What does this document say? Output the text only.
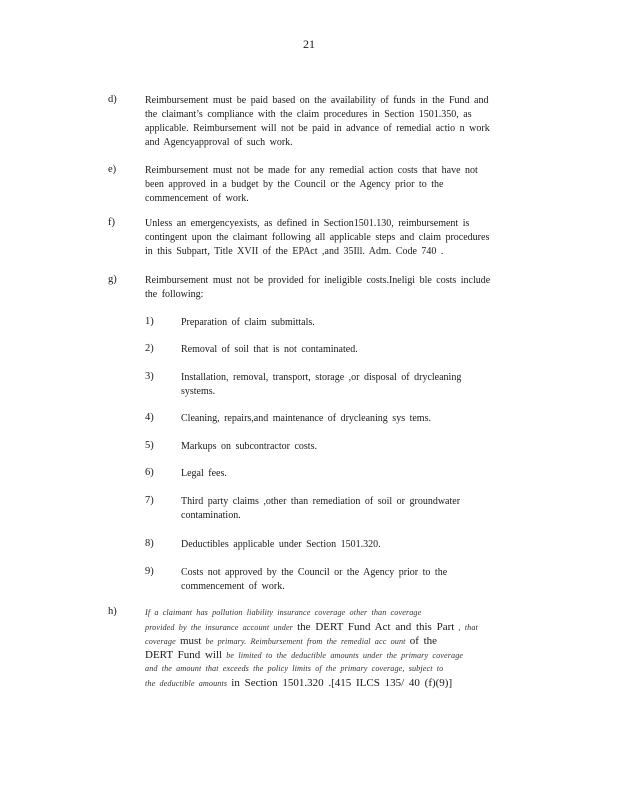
21
d)	Reimbursement must be paid based on the availability of funds in the Fund and
the claimant’s compliance with the claim procedures in Section 1501.350, as
applicable. Reimbursement will not be paid in advance of remedial actio n work
and Agencyapproval of such work.
e)	Reimbursement must not be made for any remedial action costs that have not
been approved in a budget by the Council or the Agency prior to the
commencement of work.
f)	Unless an emergencyexists, as defined in Section1501.130, reimbursement is
contingent upon the claimant following all applicable steps and claim procedures
in this Subpart, Title XVII of the EPAct ,and 35Ill. Adm. Code 740 .
g)	Reimbursement must not be provided for ineligible costs.Ineligi ble costs include
the following:
1)	Preparation of claim submittals.
2)	Removal of soil that is not contaminated.
3)	Installation, removal, transport, storage ,or disposal of drycleaning
systems.
4)	Cleaning, repairs,and maintenance of drycleaning sys tems.
5)	Markups on subcontractor costs.
6)	Legal fees.
7)	Third party claims ,other than remediation of soil or groundwater
contamination.
8)	Deductibles applicable under Section 1501.320.
9)	Costs not approved by the Council or the Agency prior to the
commencement of work.
h)	If a claimant has pollution liability insurance coverage other than coverage
provided by the insurance account under the DERT Fund Act and this Part , that
coverage must be primary. Reimbursement from the remedial acc ount of the
DERT Fund will be limited to the deductible amounts under the primary coverage
and the amount that exceeds the policy limits of the primary coverage, subject to
the deductible amounts in Section 1501.320 .[415 ILCS 135/ 40 (f)(9)]
